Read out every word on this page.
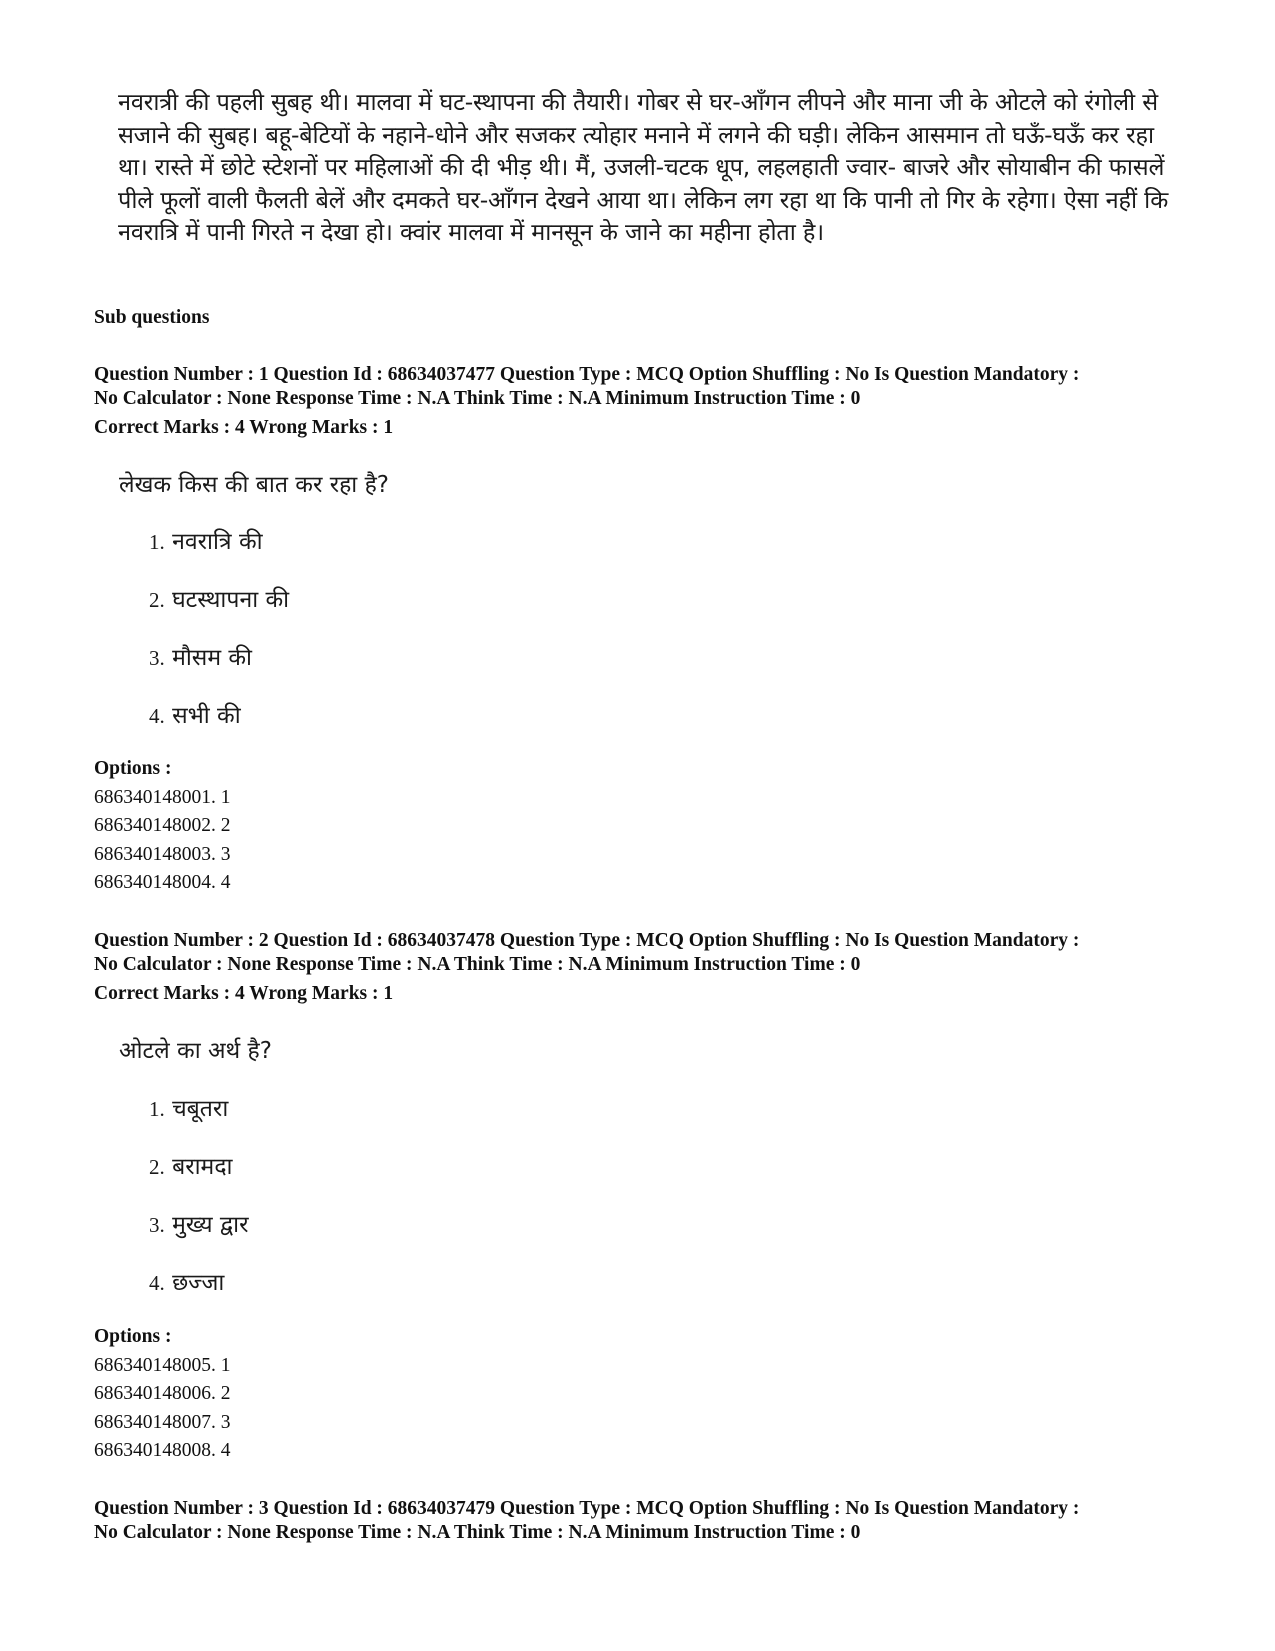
नवरात्री की पहली सुबह थी। मालवा में घट-स्थापना की तैयारी। गोबर से घर-आँगन लीपने और माना जी के ओटले को रंगोली से सजाने की सुबह। बहू-बेटियों के नहाने-धोने और सजकर त्योहार मनाने में लगने की घड़ी। लेकिन आसमान तो घऊँ-घऊँ कर रहा था। रास्ते में छोटे स्टेशनों पर महिलाओं की दी भीड़ थी। मैं, उजली-चटक धूप, लहलहाती ज्वार- बाजरे और सोयाबीन की फासलें पीले फूलों वाली फैलती बेलें और दमकते घर-आँगन देखने आया था। लेकिन लग रहा था कि पानी तो गिर के रहेगा। ऐसा नहीं कि नवरात्रि में पानी गिरते न देखा हो। क्वांर मालवा में मानसून के जाने का महीना होता है।
Sub questions
Question Number : 1 Question Id : 68634037477 Question Type : MCQ Option Shuffling : No Is Question Mandatory :
No Calculator : None Response Time : N.A Think Time : N.A Minimum Instruction Time : 0
Correct Marks : 4 Wrong Marks : 1
लेखक किस की बात कर रहा है?
1. नवरात्रि की
2. घटस्थापना की
3. मौसम की
4. सभी की
Options :
686340148001. 1
686340148002. 2
686340148003. 3
686340148004. 4
Question Number : 2 Question Id : 68634037478 Question Type : MCQ Option Shuffling : No Is Question Mandatory :
No Calculator : None Response Time : N.A Think Time : N.A Minimum Instruction Time : 0
Correct Marks : 4 Wrong Marks : 1
ओटले का अर्थ है?
1. चबूतरा
2. बरामदा
3. मुख्य द्वार
4. छज्जा
Options :
686340148005. 1
686340148006. 2
686340148007. 3
686340148008. 4
Question Number : 3 Question Id : 68634037479 Question Type : MCQ Option Shuffling : No Is Question Mandatory :
No Calculator : None Response Time : N.A Think Time : N.A Minimum Instruction Time : 0
